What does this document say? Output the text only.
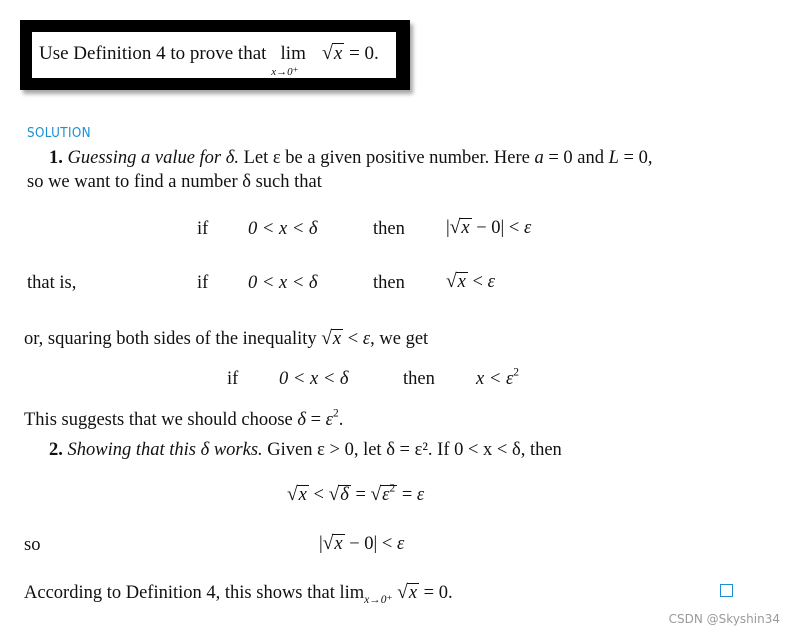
Use Definition 4 to prove that lim
x→0⁺
√x = 0.
SOLUTION
1. Guessing a value for δ. Let ε be a given positive number. Here a = 0 and L = 0,
so we want to find a number δ such that
if 0 < x < δ	then |√x − 0| < ε
that is,	if 0 < x < δ	then √x < ε
or, squaring both sides of the inequality √x < ε, we get
if 0 < x < δ	then $x < \varepsilon^2$
This suggests that we should choose $\delta = \varepsilon^2$.
2. Showing that this δ works. Given ε > 0, let δ = ε². If 0 < x < δ, then
$√x < √\delta = √\varepsilon^2 = \varepsilon$
so	|√x − 0| < ε
According to Definition 4, this shows that $\lim_{x\to 0^+} √x = 0$.
CSDN @Skyshin34
